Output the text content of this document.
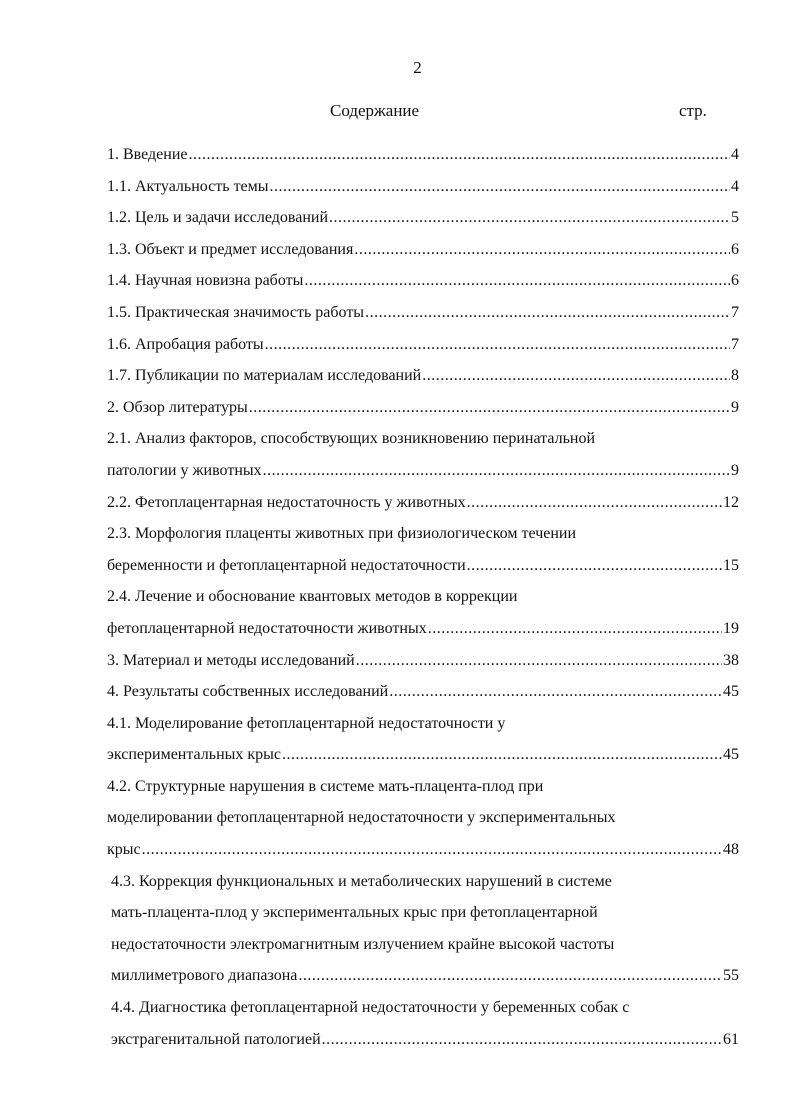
2
Содержание	стр.
1. Введение .....	4
1.1. Актуальность темы .....	4
1.2. Цель и задачи исследований .....	5
1.3. Объект и предмет исследования .....	6
1.4. Научная новизна работы .....	6
1.5. Практическая значимость работы .....	7
1.6. Апробация работы .....	7
1.7. Публикации по материалам исследований .....	8
2. Обзор литературы .....	9
2.1. Анализ факторов, способствующих возникновению перинатальной
патологии у животных .....	9
2.2. Фетоплацентарная недостаточность у животных .....	12
2.3. Морфология плаценты животных при физиологическом течении
беременности и фетоплацентарной недостаточности .....	15
2.4. Лечение и обоснование квантовых методов в коррекции
фетоплацентарной недостаточности животных .....	19
3. Материал и методы исследований .....	38
4. Результаты собственных исследований .....	45
4.1. Моделирование фетоплацентарной недостаточности у
экспериментальных крыс .....	45
4.2. Структурные нарушения в системе мать-плацента-плод при
моделировании фетоплацентарной недостаточности у экспериментальных
крыс .....	48
4.3. Коррекция функциональных и метаболических нарушений в системе
мать-плацента-плод у экспериментальных крыс при фетоплацентарной
недостаточности электромагнитным излучением крайне высокой частоты
миллиметрового диапазона .....	55
4.4. Диагностика фетоплацентарной недостаточности у беременных собак с
экстрагенитальной патологией .....	61
